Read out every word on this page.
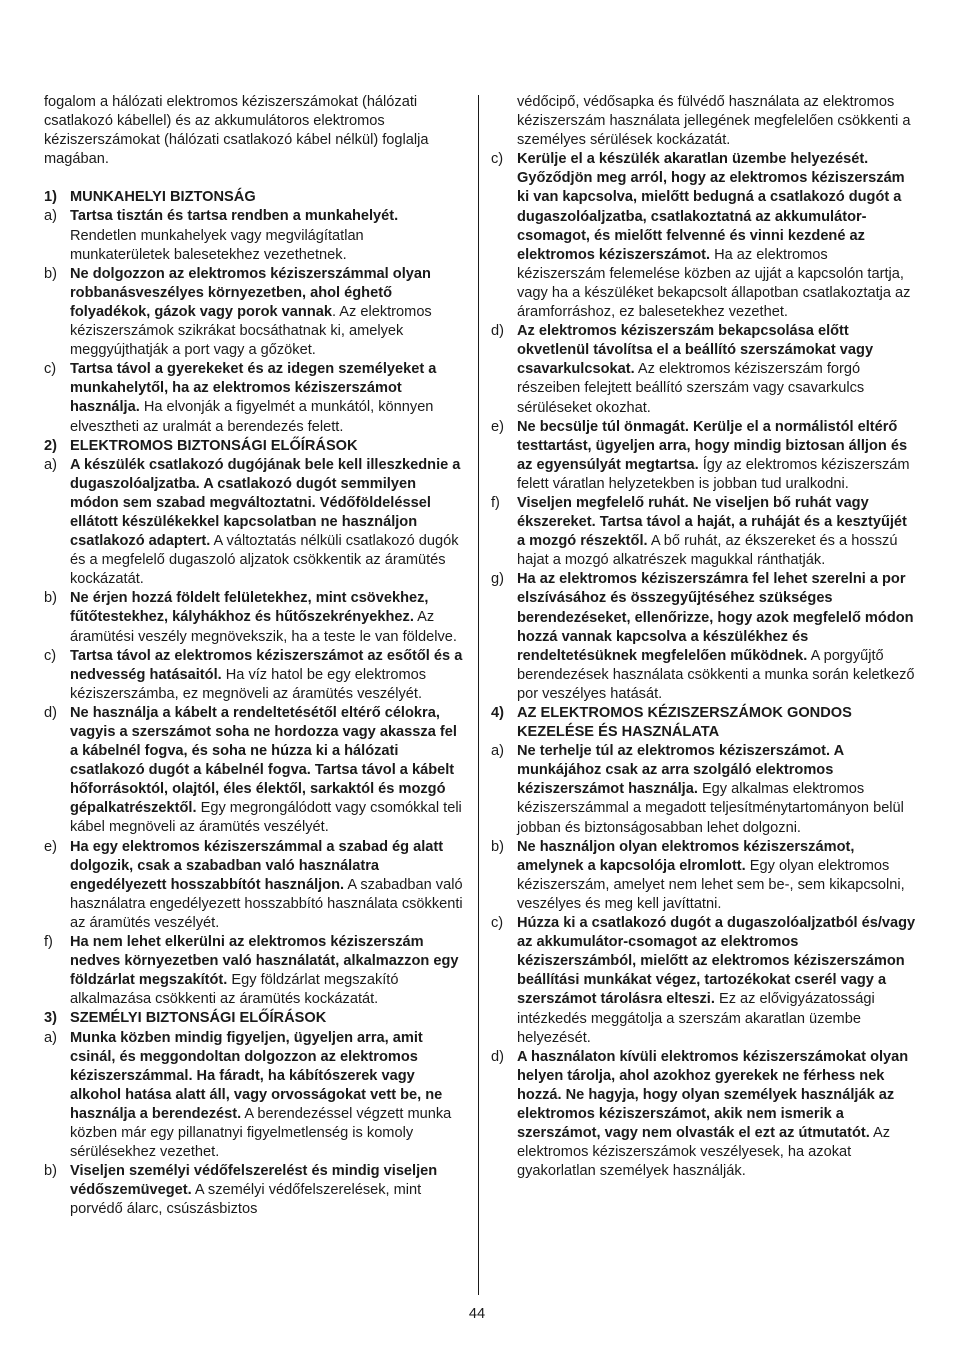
fogalom a hálózati elektromos kéziszerszámokat (hálózati csatlakozó kábellel) és az akkumulátoros elektromos kéziszerszámokat (hálózati csatlakozó kábel nélkül) foglalja magában.

1) MUNKAHELYI BIZTONSÁG
a) Tartsa tisztán és tartsa rendben a munkahelyét. Rendetlen munkahelyek vagy megvilágítatlan munkaterületek balesetekhez vezethetnek.
b) Ne dolgozzon az elektromos kéziszerszámmal olyan robbanásveszélyes környezetben, ahol éghető folyadékok, gázok vagy porok vannak. Az elektromos kéziszerszámok szikrákat bocsáthatnak ki, amelyek meggyújthatják a port vagy a gőzöket.
c) Tartsa távol a gyerekeket és az idegen személyeket a munkahelytől, ha az elektromos kéziszerszámot használja. Ha elvonják a figyelmét a munkától, könnyen elvesztheti az uralmát a berendezés felett.
2) ELEKTROMOS BIZTONSÁGI ELŐÍRÁSOK
a) A készülék csatlakozó dugójának bele kell illeszkednie a dugaszolóaljzatba. A csatlakozó dugót semmilyen módon sem szabad megváltoztatni. Védőföldeléssel ellátott készülékekkel kapcsolatban ne használjon csatlakozó adaptert. A változtatás nélküli csatlakozó dugók és a megfelelő dugaszoló aljzatok csökkentik az áramütés kockázatát.
b) Ne érjen hozzá földelt felületekhez, mint csövekhez, fűtőtestekhez, kályhákhoz és hűtőszekrényekhez. Az áramütési veszély megnövekszik, ha a teste le van földelve.
c) Tartsa távol az elektromos kéziszerszámot az esőtől és a nedvesség hatásaitól. Ha víz hatol be egy elektromos kéziszerszámba, ez megnöveli az áramütés veszélyét.
d) Ne használja a kábelt a rendeltetésétől eltérő célokra, vagyis a szerszámot soha ne hordozza vagy akassza fel a kábelnél fogva, és soha ne húzza ki a hálózati csatlakozó dugót a kábelnél fogva. Tartsa távol a kábelt hőforrásoktól, olajtól, éles élektől, sarkaktól és mozgó gépalkatrészektől. Egy megrongálódott vagy csomókkal teli kábel megnöveli az áramütés veszélyét.
e) Ha egy elektromos kéziszerszámmal a szabad ég alatt dolgozik, csak a szabadban való használatra engedélyezett hosszabbítót használjon. A szabadban való használatra engedélyezett hosszabbító használata csökkenti az áramütés veszélyét.
f)	Ha nem lehet elkerülni az elektromos kéziszerszám nedves környezetben való használatát, alkalmazzon egy földzárlat megszakítót. Egy földzárlat megszakító alkalmazása csökkenti az áramütés kockázatát.
3) SZEMÉLYI BIZTONSÁGI ELŐÍRÁSOK
a) Munka közben mindig figyeljen, ügyeljen arra, amit csinál, és meggondoltan dolgozzon az elektromos kéziszerszámmal. Ha fáradt, ha kábítószerek vagy alkohol hatása alatt áll, vagy orvosságokat vett be, ne használja a berendezést. A berendezéssel végzett munka közben már egy pillanatnyi figyelmetlenség is komoly sérülésekhez vezethet.
b) Viseljen személyi védőfelszerelést és mindig viseljen védőszemüveget. A személyi védőfelszerelések, mint porvédő álarc, csúszásbiztos
védőcipő, védősapka és fülvédő használata az elektromos kéziszerszám használata jellegének megfelelően csökkenti a személyes sérülések kockázatát.
c) Kerülje el a készülék akaratlan üzembe helyezését. Győződjön meg arról, hogy az elektromos kéziszerszám ki van kapcsolva, mielőtt bedugná a csatlakozó dugót a dugaszolóaljzatba, csatlakoztatná az akkumulátor-csomagot, és mielőtt felvenné és vinni kezdené az elektromos kéziszerszámot. Ha az elektromos kéziszerszám felemelése közben az ujját a kapcsolón tartja, vagy ha a készüléket bekapcsolt állapotban csatlakoztatja az áramforráshoz, ez balesetekhez vezethet.
d) Az elektromos kéziszerszám bekapcsolása előtt okvetlenül távolítsa el a beállító szerszámokat vagy csavarkulcsokat. Az elektromos kéziszerszám forgó részeiben felejtett beállító szerszám vagy csavarkulcs sérüléseket okozhat.
e) Ne becsülje túl önmagát. Kerülje el a normálistól eltérő testtartást, ügyeljen arra, hogy mindig biztosan álljon és az egyensúlyát megtartsa. Így az elektromos kéziszerszám felett váratlan helyzetekben is jobban tud uralkodni.
f)	Viseljen megfelelő ruhát. Ne viseljen bő ruhát vagy ékszereket. Tartsa távol a haját, a ruháját és a kesztyűjét a mozgó részektől. A bő ruhát, az ékszereket és a hosszú hajat a mozgó alkatrészek magukkal ránthatják.
g) Ha az elektromos kéziszerszámra fel lehet szerelni a por elszívásához és összegyűjtéséhez szükséges berendezéseket, ellenőrizze, hogy azok megfelelő módon hozzá vannak kapcsolva a készülékhez és rendeltetésüknek megfelelően működnek. A porgyűjtő berendezések használata csökkenti a munka során keletkező por veszélyes hatását.
4) AZ ELEKTROMOS KÉZISZERSZÁMOK GONDOS KEZELÉSE ÉS HASZNÁLATA
a) Ne terhelje túl az elektromos kéziszerszámot. A munkájához csak az arra szolgáló elektromos kéziszerszámot használja. Egy alkalmas elektromos kéziszerszámmal a megadott teljesítménytartományon belül jobban és biztonságosabban lehet dolgozni.
b) Ne használjon olyan elektromos kéziszerszámot, amelynek a kapcsolója elromlott. Egy olyan elektromos kéziszerszám, amelyet nem lehet sem be-, sem kikapcsolni, veszélyes és meg kell javíttatni.
c) Húzza ki a csatlakozó dugót a dugaszolóaljzatból és/vagy az akkumulátor-csomagot az elektromos kéziszerszámból, mielőtt az elektromos kéziszerszámon beállítási munkákat végez, tartozékokat cserél vagy a szerszámot tárolásra elteszi. Ez az elővigyázatossági intézkedés meggátolja a szerszám akaratlan üzembe helyezését.
d) A használaton kívüli elektromos kéziszerszámokat olyan helyen tárolja, ahol azokhoz gyerekek ne férhess nek hozzá. Ne hagyja, hogy olyan személyek használják az elektromos kéziszerszámot, akik nem ismerik a szerszámot, vagy nem olvasták el ezt az útmutatót. Az elektromos kéziszerszámok veszélyesek, ha azokat gyakorlatlan személyek használják.
44
